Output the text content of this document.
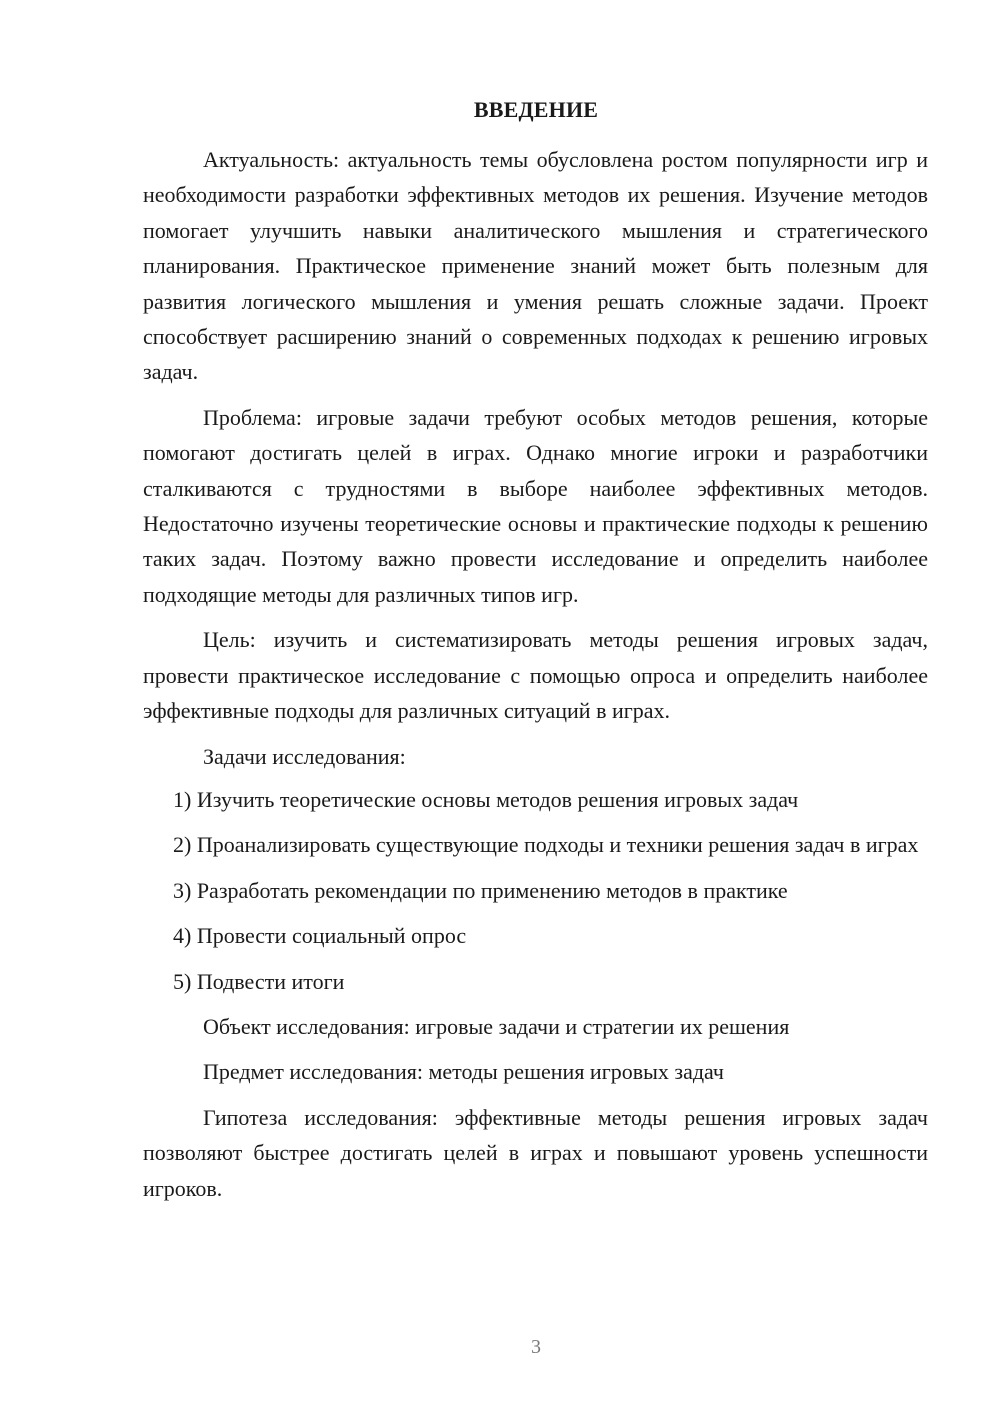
ВВЕДЕНИЕ

Актуальность: актуальность темы обусловлена ростом популярности игр и необходимости разработки эффективных методов их решения. Изучение методов помогает улучшить навыки аналитического мышления и стратегического планирования. Практическое применение знаний может быть полезным для развития логического мышления и умения решать сложные задачи. Проект способствует расширению знаний о современных подходах к решению игровых задач.

Проблема: игровые задачи требуют особых методов решения, которые помогают достигать целей в играх. Однако многие игроки и разработчики сталкиваются с трудностями в выборе наиболее эффективных методов. Недостаточно изучены теоретические основы и практические подходы к решению таких задач. Поэтому важно провести исследование и определить наиболее подходящие методы для различных типов игр.

Цель: изучить и систематизировать методы решения игровых задач, провести практическое исследование с помощью опроса и определить наиболее эффективные подходы для различных ситуаций в играх.

Задачи исследования:

1) Изучить теоретические основы методов решения игровых задач

2) Проанализировать существующие подходы и техники решения задач в играх

3) Разработать рекомендации по применению методов в практике

4) Провести социальный опрос

5) Подвести итоги

Объект исследования: игровые задачи и стратегии их решения

Предмет исследования: методы решения игровых задач

Гипотеза исследования: эффективные методы решения игровых задач позволяют быстрее достигать целей в играх и повышают уровень успешности игроков.

3
